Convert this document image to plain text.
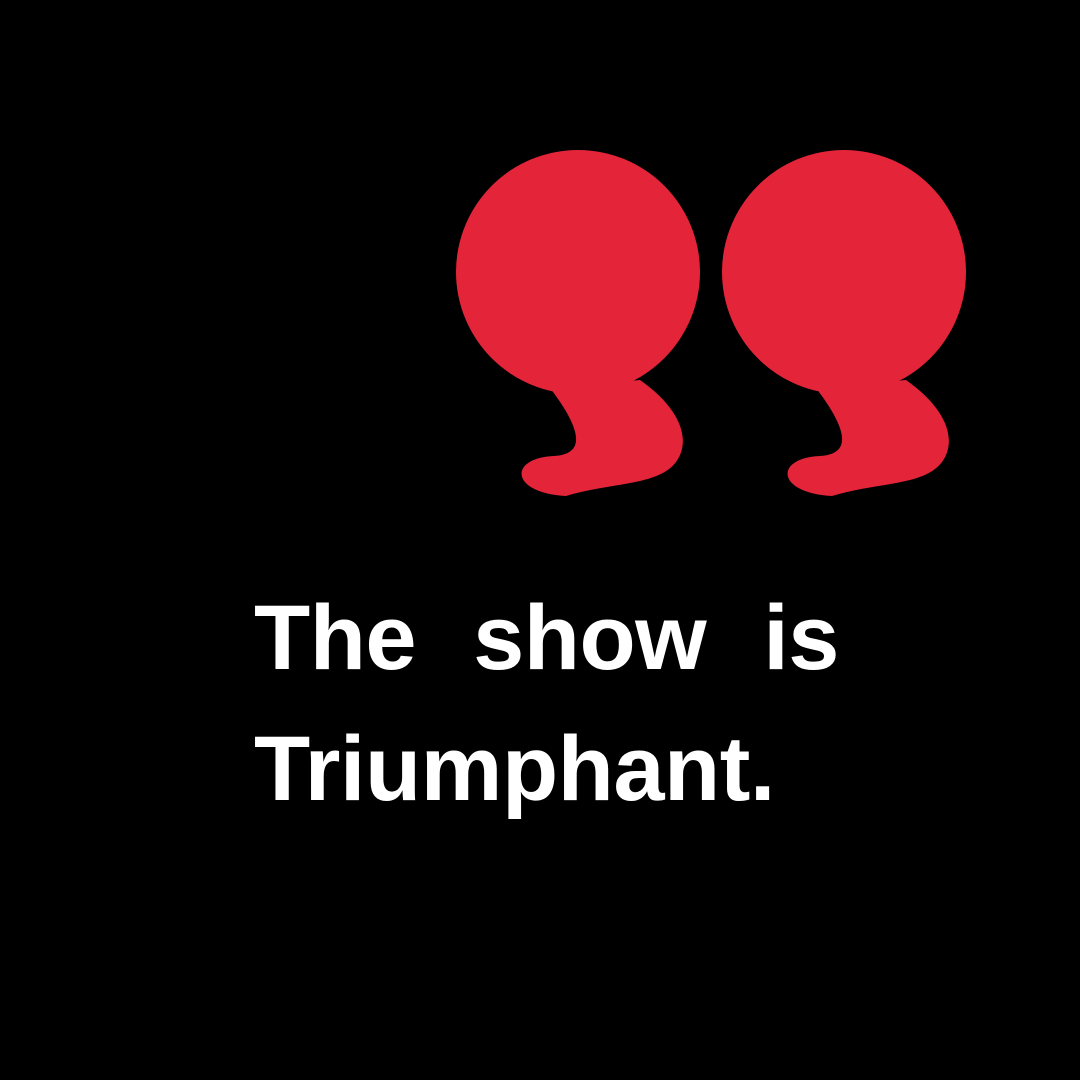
The show is
Triumphant.
